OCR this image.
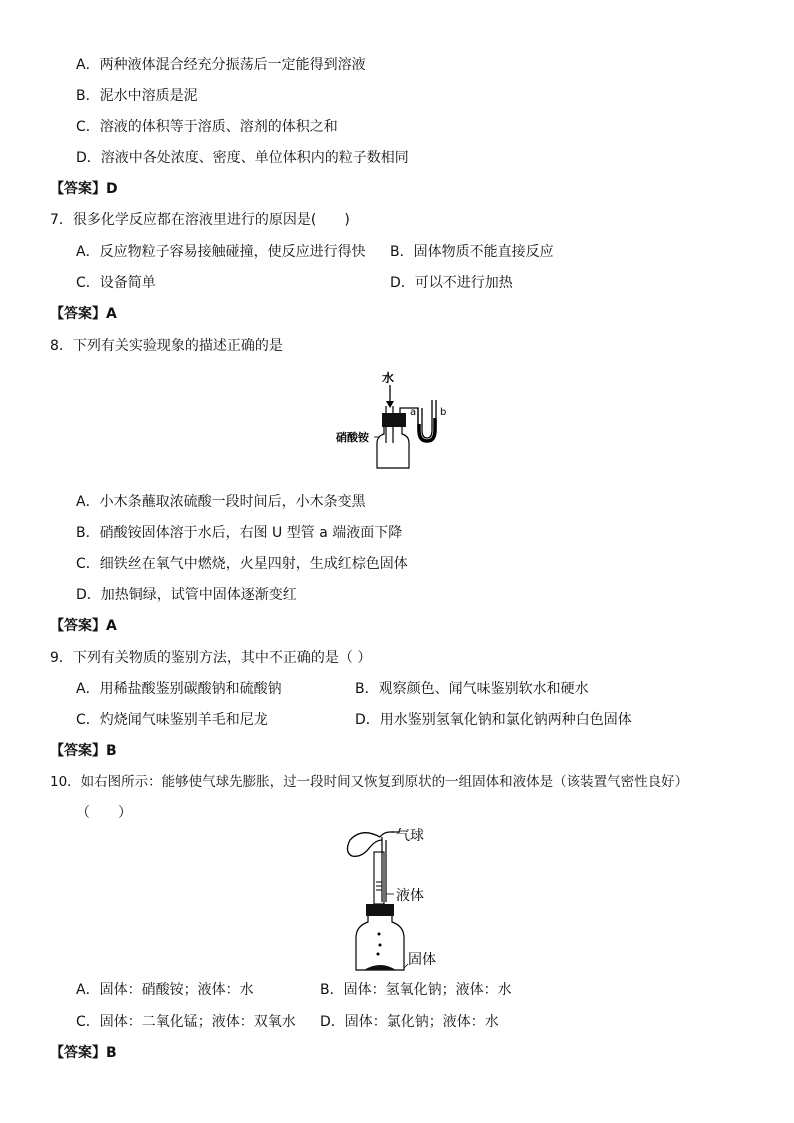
A．两种液体混合经充分振荡后一定能得到溶液
B．泥水中溶质是泥
C．溶液的体积等于溶质、溶剂的体积之和
D．溶液中各处浓度、密度、单位体积内的粒子数相同
【答案】D
7．很多化学反应都在溶液里进行的原因是(　　)
A．反应物粒子容易接触碰撞，使反应进行得快 B．固体物质不能直接反应
C．设备简单	D．可以不进行加热
【答案】A
8．下列有关实验现象的描述正确的是
水
a b
硝酸铵
A．小木条蘸取浓硫酸一段时间后，小木条变黑
B．硝酸铵固体溶于水后，右图 U 型管 a 端液面下降
C．细铁丝在氧气中燃烧，火星四射，生成红棕色固体
D．加热铜绿，试管中固体逐渐变红
【答案】A
9．下列有关物质的鉴别方法，其中不正确的是（ ）
A．用稀盐酸鉴别碳酸钠和硫酸钠	B．观察颜色、闻气味鉴别软水和硬水
C．灼烧闻气味鉴别羊毛和尼龙	D．用水鉴别氢氧化钠和氯化钠两种白色固体
【答案】B
10．如右图所示：能够使气球先膨胀，过一段时间又恢复到原状的一组固体和液体是（该装置气密性良好）
（　　）
气球
液体
固体
A．固体：硝酸铵；液体：水	B．固体：氢氧化钠；液体：水
C．固体：二氧化锰；液体：双氧水 D．固体：氯化钠；液体：水
【答案】B
